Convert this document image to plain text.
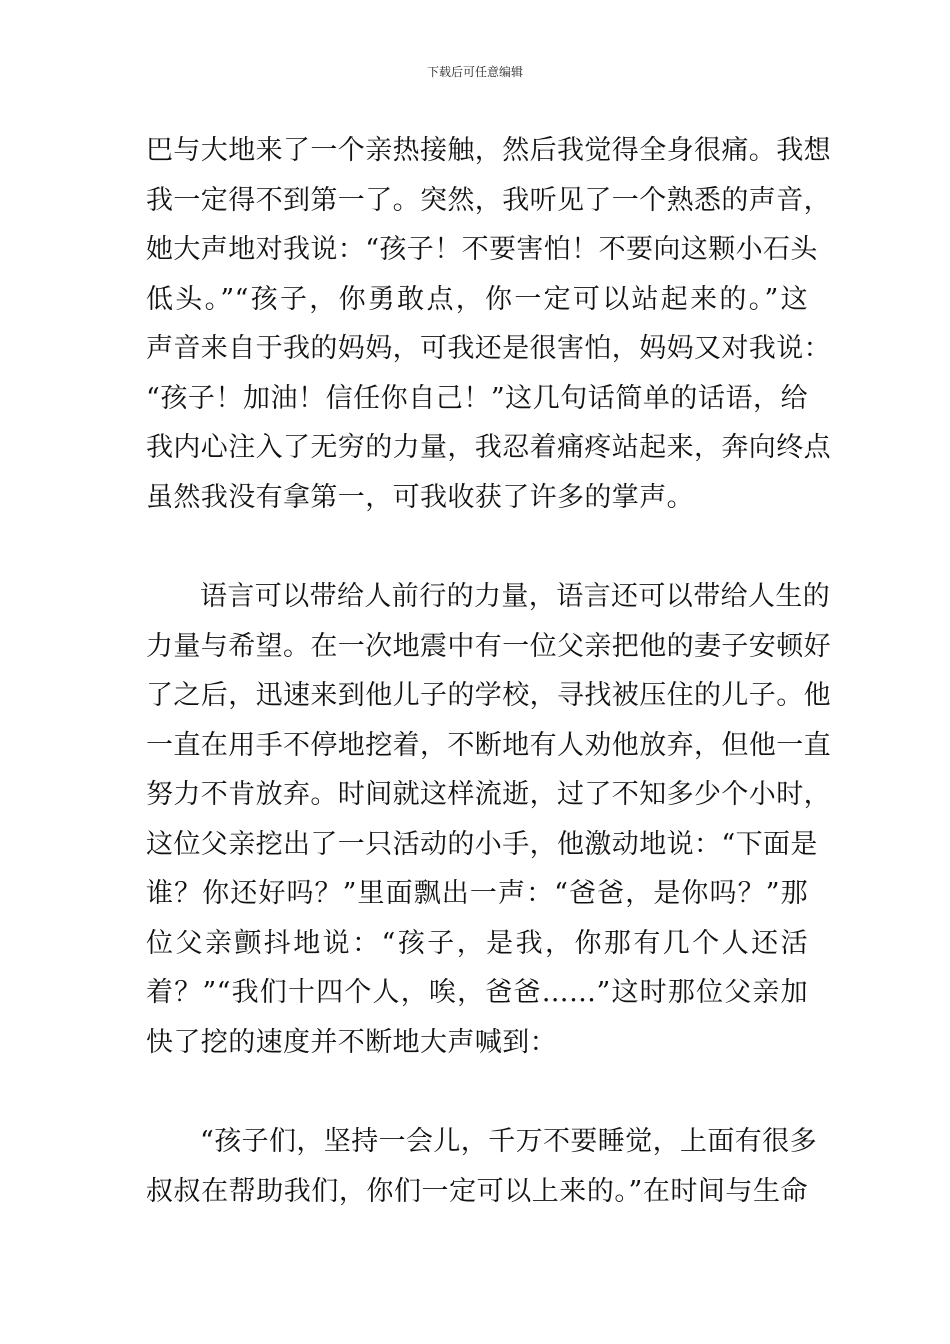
下载后可任意编辑
巴与大地来了一个亲热接触，然后我觉得全身很痛。我想
我一定得不到第一了。突然，我听见了一个熟悉的声音，
她大声地对我说：“孩子！不要害怕！不要向这颗小石头
低头。”“孩子，你勇敢点，你一定可以站起来的。”这
声音来自于我的妈妈，可我还是很害怕，妈妈又对我说：
“孩子！加油！信任你自己！”这几句话简单的话语，给
我内心注入了无穷的力量，我忍着痛疼站起来，奔向终点
虽然我没有拿第一，可我收获了许多的掌声。
语言可以带给人前行的力量，语言还可以带给人生的
力量与希望。在一次地震中有一位父亲把他的妻子安顿好
了之后，迅速来到他儿子的学校，寻找被压住的儿子。他
一直在用手不停地挖着，不断地有人劝他放弃，但他一直
努力不肯放弃。时间就这样流逝，过了不知多少个小时，
这位父亲挖出了一只活动的小手，他激动地说：“下面是
谁？你还好吗？”里面飘出一声：“爸爸，是你吗？”那
位父亲颤抖地说：“孩子，是我，你那有几个人还活
着？”“我们十四个人，唉，爸爸……”这时那位父亲加
快了挖的速度并不断地大声喊到：
“孩子们，坚持一会儿，千万不要睡觉，上面有很多
叔叔在帮助我们，你们一定可以上来的。”在时间与生命
